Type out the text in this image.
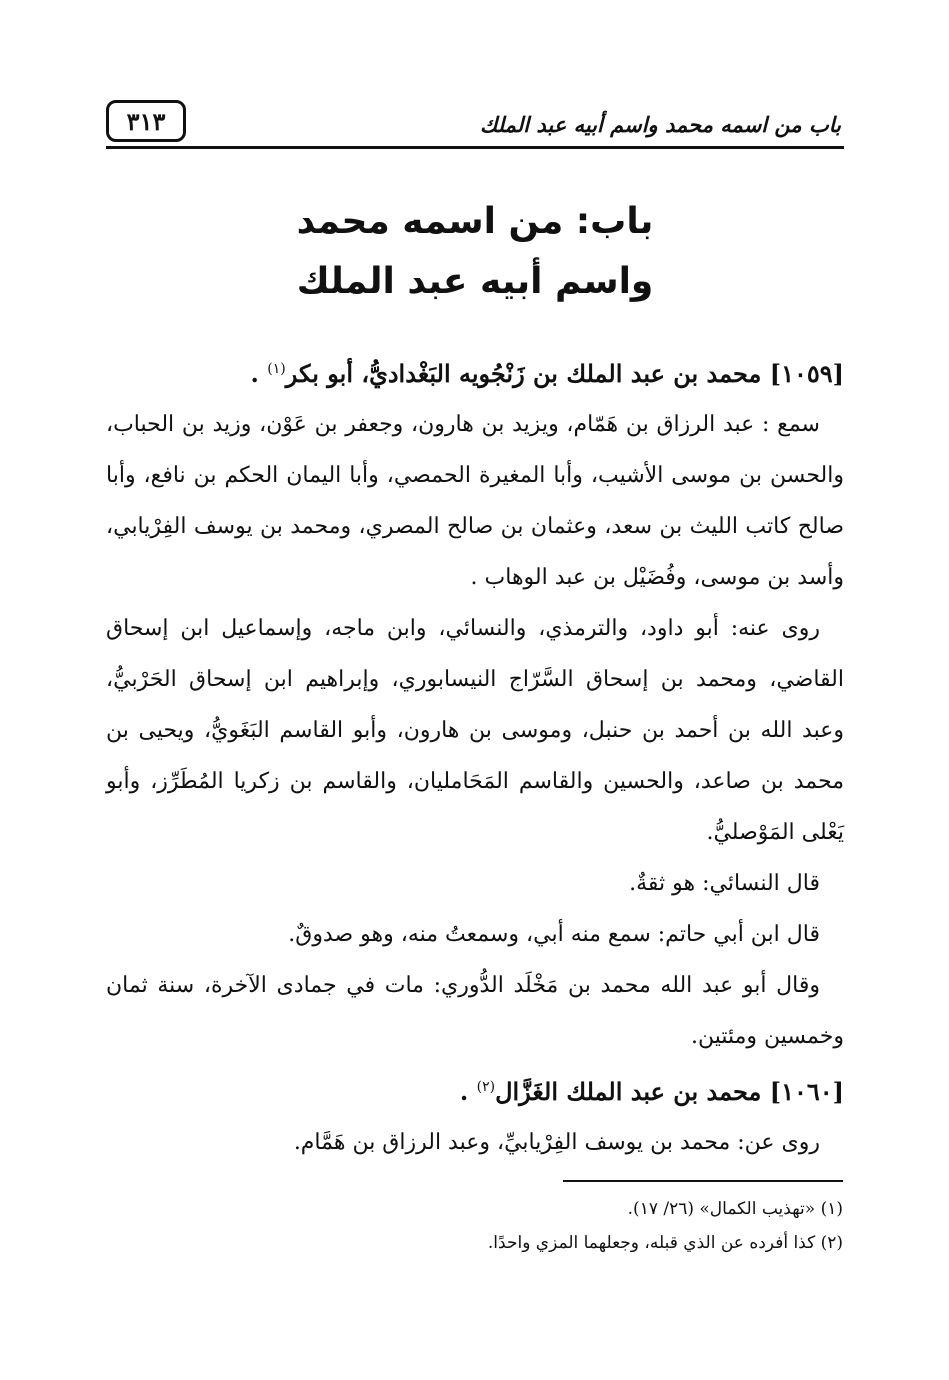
٣١٣	باب من اسمه محمد واسم أبيه عبد الملك
باب: من اسمه محمد
واسم أبيه عبد الملك
[١٠٥٩] محمد بن عبد الملك بن زَنْجُويه البَغْداديُّ، أبو بكر$^{(١)}$ .

سمع : عبد الرزاق بن هَمّام، ويزيد بن هارون، وجعفر بن عَوْن، وزيد بن الحباب، والحسن بن موسى الأشيب، وأبا المغيرة الحمصي، وأبا اليمان الحكم بن نافع، وأبا صالح كاتب الليث بن سعد، وعثمان بن صالح المصري، ومحمد بن يوسف الفِرْيابي، وأسد بن موسى، وفُضَيْل بن عبد الوهاب .

روى عنه: أبو داود، والترمذي، والنسائي، وابن ماجه، وإسماعيل ابن إسحاق القاضي، ومحمد بن إسحاق السَّرّاج النيسابوري، وإبراهيم ابن إسحاق الحَرْبيُّ، وعبد الله بن أحمد بن حنبل، وموسى بن هارون، وأبو القاسم البَغَويُّ، ويحيى بن محمد بن صاعد، والحسين والقاسم المَحَامليان، والقاسم بن زكريا المُطَرِّز، وأبو يَعْلى المَوْصليُّ.

قال النسائي: هو ثقةٌ.

قال ابن أبي حاتم: سمع منه أبي، وسمعتُ منه، وهو صدوقٌ.

وقال أبو عبد الله محمد بن مَخْلَد الدُّوري: مات في جمادى الآخرة، سنة ثمان وخمسين ومئتين.

[١٠٦٠] محمد بن عبد الملك الغَزَّال$^{(٢)}$ .

روى عن: محمد بن يوسف الفِرْيابيِّ، وعبد الرزاق بن هَمَّام.

(١) «تهذيب الكمال» (٢٦/ ١٧).
(٢) كذا أفرده عن الذي قبله، وجعلهما المزي واحدًا.
